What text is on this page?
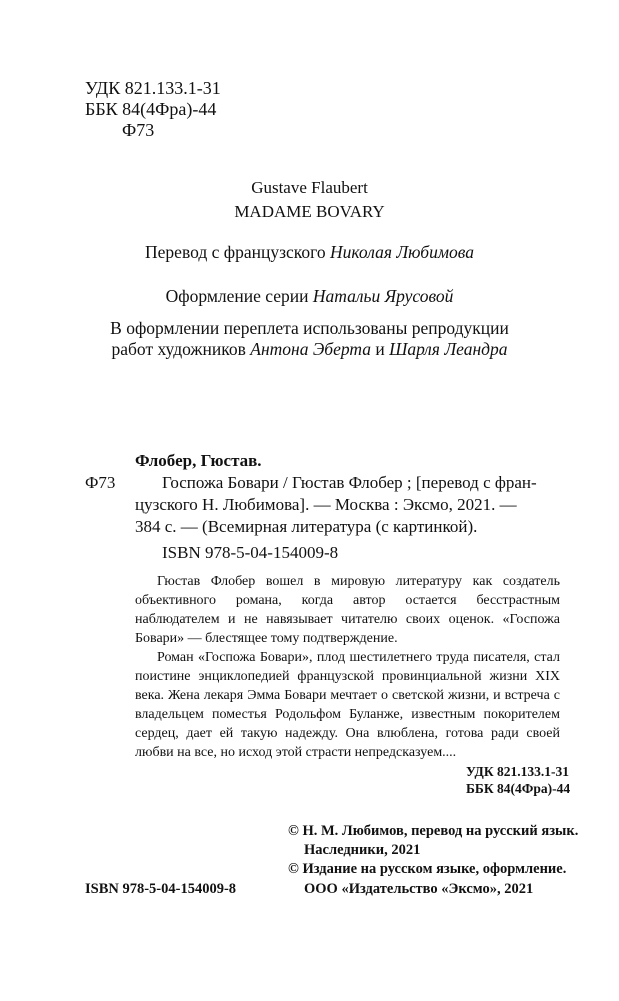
УДК 821.133.1-31
ББК 84(4Фра)-44
Ф73
Gustave Flaubert
MADAME BOVARY
Перевод с французского Николая Любимова
Оформление серии Натальи Ярусовой
В оформлении переплета использованы репродукции
работ художников Антона Эберта и Шарля Леандра
Флобер, Гюстав.
Ф73	Госпожа Бовари / Гюстав Флобер ; [перевод с фран-
цузского Н. Любимова]. — Москва : Эксмо, 2021. —
384 с. — (Всемирная литература (с картинкой).
ISBN 978-5-04-154009-8

Гюстав Флобер вошел в мировую литературу как создатель объективного романа, когда автор остается бесстрастным наблюдателем и не навязывает читателю своих оценок. «Госпожа Бовари» — блестящее тому подтверждение.

Роман «Госпожа Бовари», плод шестилетнего труда писателя, стал поистине энциклопедией французской провинциальной жизни XIX века. Жена лекаря Эмма Бовари мечтает о светской жизни, и встреча с владельцем поместья Родольфом Буланже, известным покорителем сердец, дает ей такую надежду. Она влюблена, готова ради своей любви на все, но исход этой страсти непредсказуем....

УДК 821.133.1-31
ББК 84(4Фра)-44
© Н. М. Любимов, перевод на русский язык.
Наследники, 2021
© Издание на русском языке, оформление.
ООО «Издательство «Эксмо», 2021
ISBN 978-5-04-154009-8
